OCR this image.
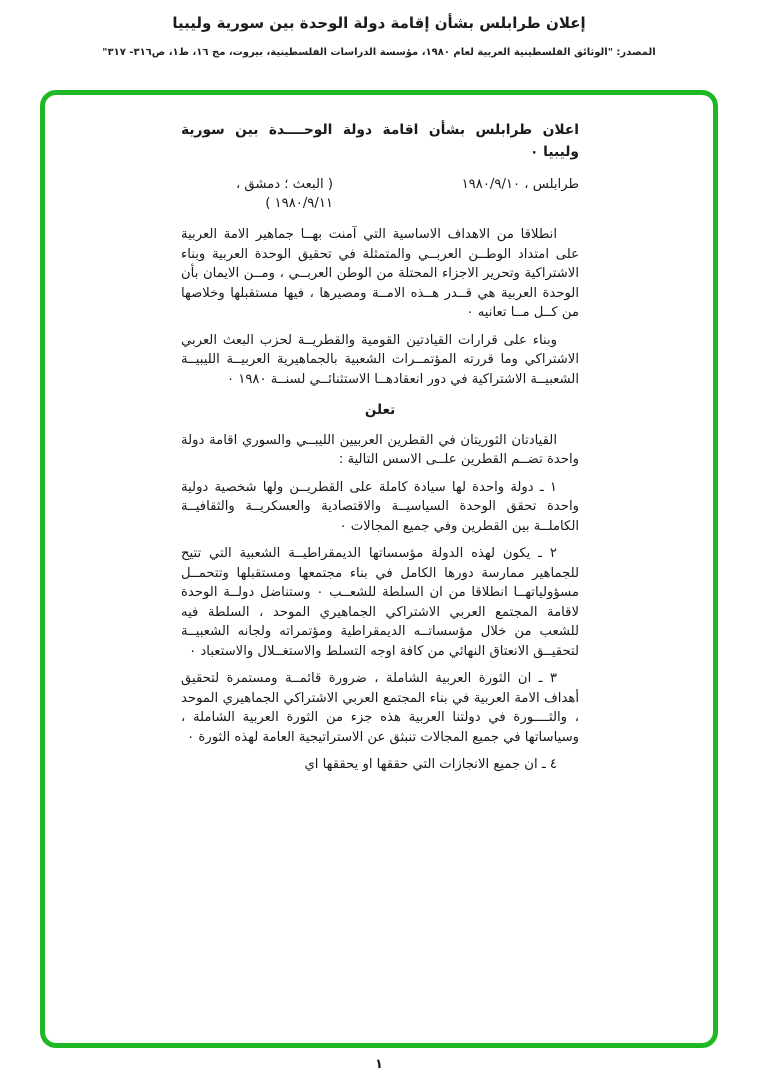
إعلان طرابلس بشأن إقامة دولة الوحدة بين سورية وليبيا
المصدر: "الوثائق الفلسطينية العربية لعام ١٩٨٠، مؤسسة الدراسات الفلسطينية، بيروت، مج ١٦، ط١، ص٣١٦- ٣١٧"

اعلان طرابلس بشأن اقامة دولة الوحــــدة بين سورية وليبيا ٠

طرابلس ، ١٩٨٠/٩/١٠
( البعث ؛ دمشق ، ١٩٨٠/٩/١١ )

انطلاقا من الاهداف الاساسية التي آمنت بهــا جماهير الامة العربية على امتداد الوطــن العربــي والمتمثلة في تحقيق الوحدة العربية وبناء الاشتراكية وتحرير الاجزاء المحتلة من الوطن العربــي ، ومــن الايمان بأن الوحدة العربية هي قــدر هــذه الامــة ومصيرها ، فيها مستقبلها وخلاصها من كــل مــا تعانيه ٠

وبناء على قرارات القيادتين القومية والقطريــة لحزب البعث العربي الاشتراكي وما قررته المؤتمــرات الشعبية بالجماهيرية العربيــة الليبيــة الشعبيــة الاشتراكية في دور انعقادهــا الاستثنائــي لسنــة ١٩٨٠ ٠

تعلن

القيادتان الثوريتان في القطرين العربيين الليبــي والسوري اقامة دولة واحدة تضــم القطرين علــى الاسس التالية :

١ ـ دولة واحدة لها سيادة كاملة على القطريــن ولها شخصية دولية واحدة تحقق الوحدة السياسيــة والاقتصادية والعسكريــة والثقافيــة الكاملــة بين القطرين وفي جميع المجالات ٠

٢ ـ يكون لهذه الدولة مؤسساتها الديمقراطيــة الشعبية التي تتيح للجماهير ممارسة دورها الكامل في بناء مجتمعها ومستقبلها وتتحمــل مسؤولياتهــا انطلاقا من ان السلطة للشعــب ٠ وستناضل دولــة الوحدة لاقامة المجتمع العربي الاشتراكي الجماهيري الموحد ، السلطة فيه للشعب من خلال مؤسساتــه الديمقراطية ومؤتمراته ولجانه الشعبيــة لتحقيــق الانعتاق النهائي من كافة اوجه التسلط والاستغــلال والاستعباد ٠

٣ ـ ان الثورة العربية الشاملة ، ضرورة قائمــة ومستمرة لتحقيق أهداف الامة العربية في بناء المجتمع العربي الاشتراكي الجماهيري الموحد ، والثــــورة في دولتنا العربية هذه جزء من الثورة العربية الشاملة ، وسياساتها في جميع المجالات تنبثق عن الاستراتيجية العامة لهذه الثورة ٠

٤ ـ ان جميع الانجازات التي حققها او يحققها اي

١
